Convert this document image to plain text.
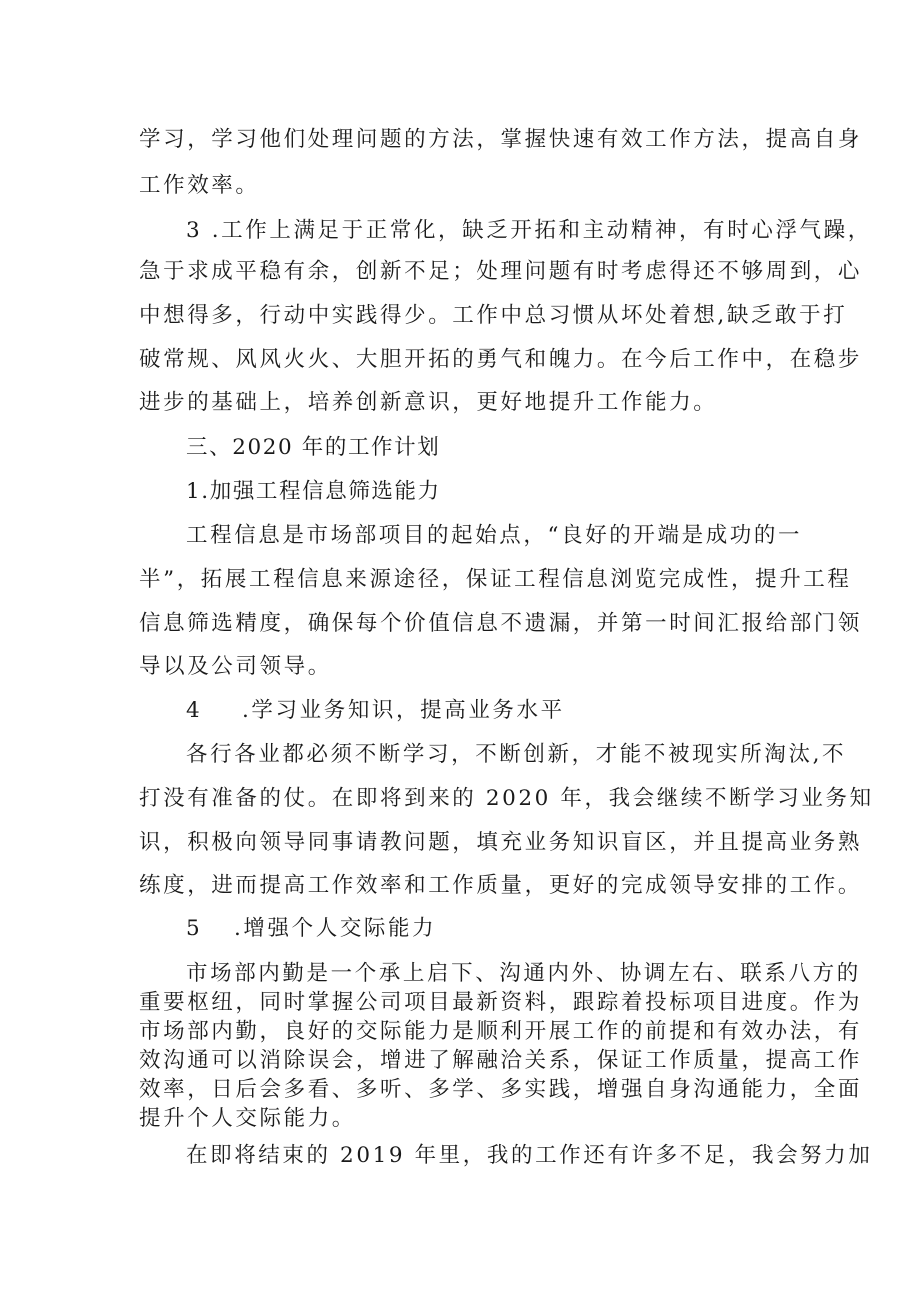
学习，学习他们处理问题的方法，掌握快速有效工作方法，提高自身
工作效率。
3 .工作上满足于正常化，缺乏开拓和主动精神，有时心浮气躁，
急于求成平稳有余，创新不足；处理问题有时考虑得还不够周到，心
中想得多，行动中实践得少。工作中总习惯从坏处着想,缺乏敢于打
破常规、风风火火、大胆开拓的勇气和魄力。在今后工作中，在稳步
进步的基础上，培养创新意识，更好地提升工作能力。
三、2020 年的工作计划
1.加强工程信息筛选能力
工程信息是市场部项目的起始点，“良好的开端是成功的一
半”，拓展工程信息来源途径，保证工程信息浏览完成性，提升工程
信息筛选精度，确保每个价值信息不遗漏，并第一时间汇报给部门领
导以及公司领导。
4 .学习业务知识，提高业务水平
各行各业都必须不断学习，不断创新，才能不被现实所淘汰,不
打没有准备的仗。在即将到来的 2020 年，我会继续不断学习业务知
识，积极向领导同事请教问题，填充业务知识盲区，并且提高业务熟
练度，进而提高工作效率和工作质量，更好的完成领导安排的工作。
5 .增强个人交际能力
市场部内勤是一个承上启下、沟通内外、协调左右、联系八方的
重要枢纽，同时掌握公司项目最新资料，跟踪着投标项目进度。作为
市场部内勤，良好的交际能力是顺利开展工作的前提和有效办法，有
效沟通可以消除误会，增进了解融洽关系，保证工作质量，提高工作
效率，日后会多看、多听、多学、多实践，增强自身沟通能力，全面
提升个人交际能力。
在即将结束的 2019 年里，我的工作还有许多不足，我会努力加
